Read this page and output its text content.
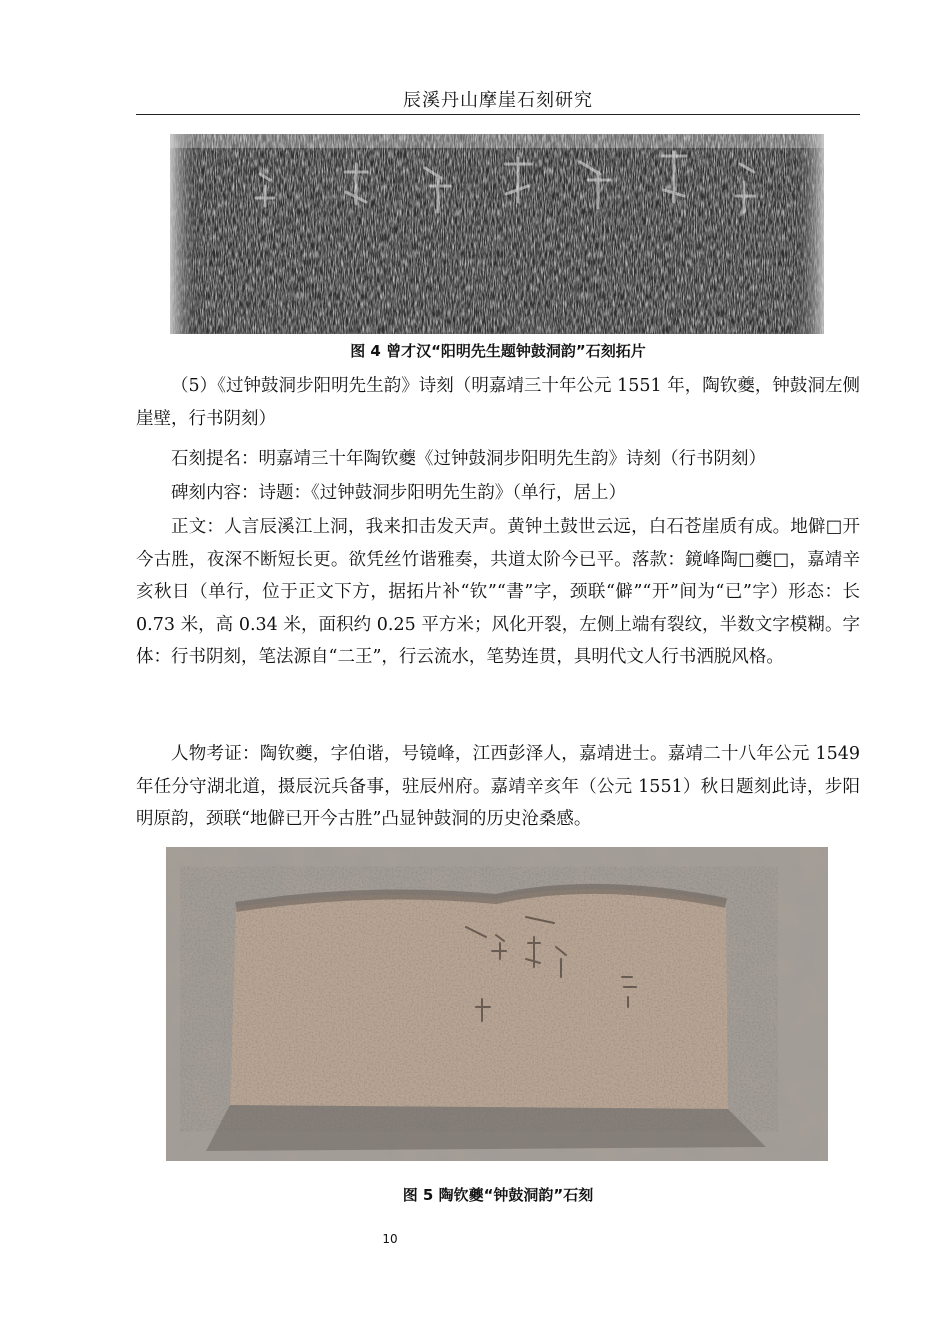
辰溪丹山摩崖石刻研究
图 4 曾才汉“阳明先生题钟鼓洞韵”石刻拓片

（5）《过钟鼓洞步阳明先生韵》诗刻（明嘉靖三十年公元 1551 年，陶钦夔，钟鼓洞左侧崖壁，行书阴刻）

石刻提名：明嘉靖三十年陶钦夔《过钟鼓洞步阳明先生韵》诗刻（行书阴刻）

碑刻内容：诗题：《过钟鼓洞步阳明先生韵》（单行，居上）

正文：人言辰溪江上洞，我来扣击发天声。黄钟土鼓世云远，白石苍崖质有成。地僻□开今古胜，夜深不断短长更。欲凭丝竹谐雅奏，共道太阶今已平。落款：鏡峰陶□夔□，嘉靖辛亥秋日（单行，位于正文下方，据拓片补“钦”“書”字，颈联“僻”“开”间为“已”字）形态：长 0.73 米，高 0.34 米，面积约 0.25 平方米；风化开裂，左侧上端有裂纹，半数文字模糊。字体：行书阴刻，笔法源自“二王”，行云流水，笔势连贯，具明代文人行书洒脱风格。

人物考证：陶钦夔，字伯谐，号镜峰，江西彭泽人，嘉靖进士。嘉靖二十八年公元 1549 年任分守湖北道，摄辰沅兵备事，驻辰州府。嘉靖辛亥年（公元 1551）秋日题刻此诗，步阳明原韵，颈联“地僻已开今古胜”凸显钟鼓洞的历史沧桑感。

图 5 陶钦夔“钟鼓洞韵”石刻
10
